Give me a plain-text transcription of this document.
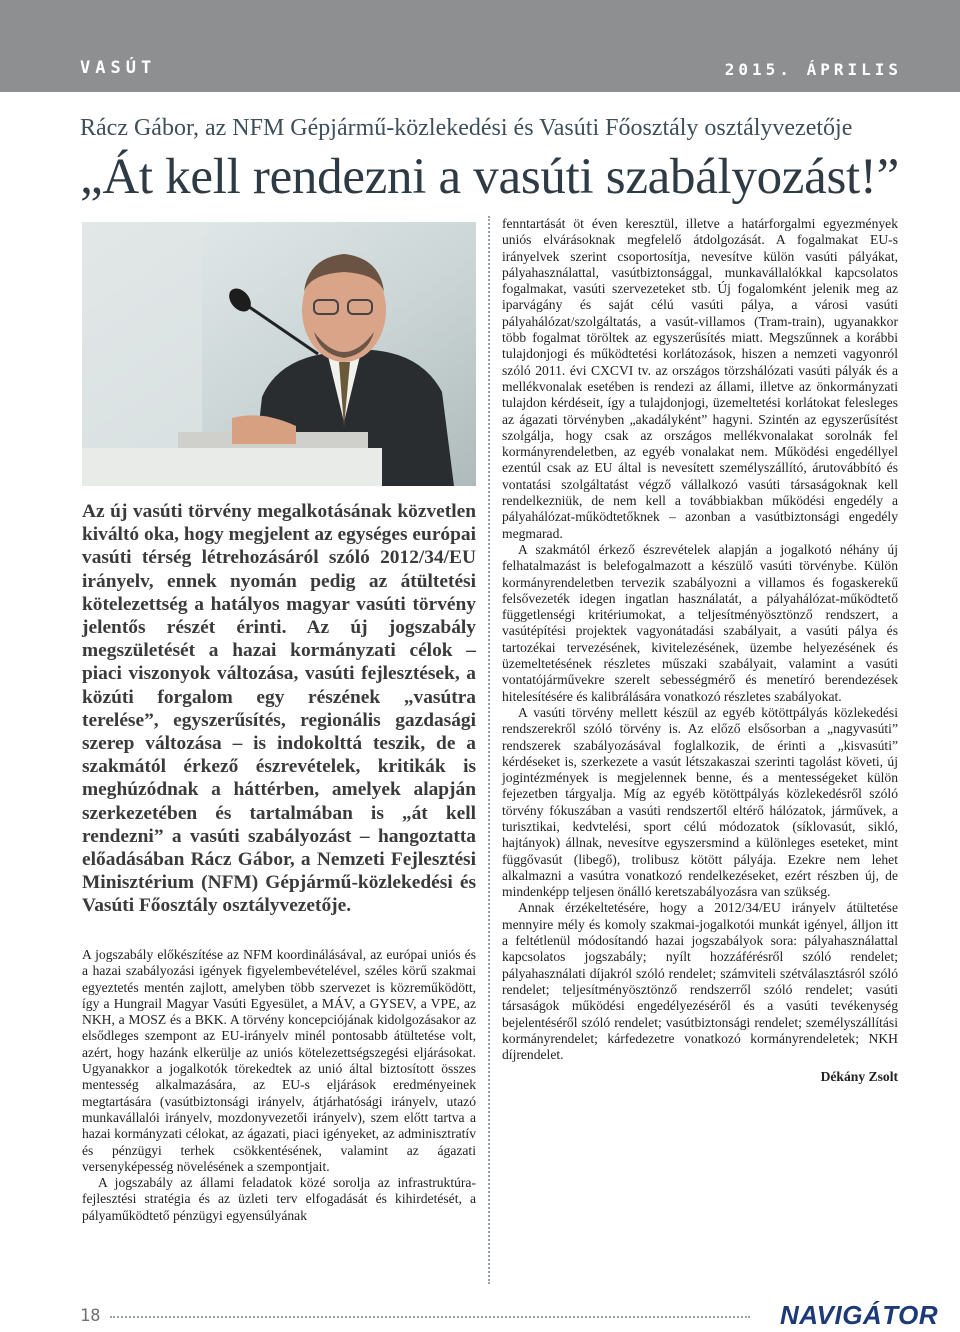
VASÚT	2015. ÁPRILIS
Rácz Gábor, az NFM Gépjármű-közlekedési és Vasúti Főosztály osztályvezetője
„Át kell rendezni a vasúti szabályozást!”
Az új vasúti törvény megalkotásának közvetlen kiváltó oka, hogy megjelent az egységes európai vasúti térség létrehozásáról szóló 2012/34/EU irányelv, ennek nyomán pedig az átültetési kötelezettség a hatályos magyar vasúti törvény jelentős részét érinti. Az új jogszabály megszületését a hazai kormányzati célok – piaci viszonyok változása, vasúti fejlesztések, a közúti forgalom egy részének „vasútra terelése”, egyszerűsítés, regionális gazdasági szerep változása – is indokolttá teszik, de a szakmától érkező észrevételek, kritikák is meghúzódnak a háttérben, amelyek alapján szerkezetében és tartalmában is „át kell rendezni” a vasúti szabályozást – hangoztatta előadásában Rácz Gábor, a Nemzeti Fejlesztési Minisztérium (NFM) Gépjármű-közlekedési és Vasúti Főosztály osztályvezetője.

A jogszabály előkészítése az NFM koordinálásával, az európai uniós és a hazai szabályozási igények figyelembevételével, széles körű szakmai egyeztetés mentén zajlott, amelyben több szervezet is közreműködött, így a Hungrail Magyar Vasúti Egyesület, a MÁV, a GYSEV, a VPE, az NKH, a MOSZ és a BKK. A törvény koncepciójának kidolgozásakor az elsődleges szempont az EU-irányelv minél pontosabb átültetése volt, azért, hogy hazánk elkerülje az uniós kötelezettségszegési eljárásokat. Ugyanakkor a jogalkotók törekedtek az unió által biztosított összes mentesség alkalmazására, az EU-s eljárások eredményeinek megtartására (vasútbiztonsági irányelv, átjárhatósági irányelv, utazó munkavállalói irányelv, mozdonyvezetői irányelv), szem előtt tartva a hazai kormányzati célokat, az ágazati, piaci igényeket, az adminisztratív és pénzügyi terhek csökkentésének, valamint az ágazati versenyképesség növelésének a szempontjait.

A jogszabály az állami feladatok közé sorolja az infrastruktúra-fejlesztési stratégia és az üzleti terv elfogadását és kihirdetését, a pályaműködtető pénzügyi egyensúlyának

fenntartását öt éven keresztül, illetve a határforgalmi egyezmények uniós elvárásoknak megfelelő átdolgozását. A fogalmakat EU-s irányelvek szerint csoportosítja, nevesítve külön vasúti pályákat, pályahasználattal, vasútbiztonsággal, munkavállalókkal kapcsolatos fogalmakat, vasúti szervezeteket stb. Új fogalomként jelenik meg az iparvágány és saját célú vasúti pálya, a városi vasúti pályahálózat/szolgáltatás, a vasút-villamos (Tram-train), ugyanakkor több fogalmat töröltek az egyszerűsítés miatt. Megszűnnek a korábbi tulajdonjogi és működtetési korlátozások, hiszen a nemzeti vagyonról szóló 2011. évi CXCVI tv. az országos törzshálózati vasúti pályák és a mellékvonalak esetében is rendezi az állami, illetve az önkormányzati tulajdon kérdéseit, így a tulajdonjogi, üzemeltetési korlátokat felesleges az ágazati törvényben „akadályként” hagyni. Szintén az egyszerűsítést szolgálja, hogy csak az országos mellékvonalakat sorolnák fel kormányrendeletben, az egyéb vonalakat nem. Működési engedéllyel ezentúl csak az EU által is nevesített személyszállító, árutovábbító és vontatási szolgáltatást végző vállalkozó vasúti társaságoknak kell rendelkezniük, de nem kell a továbbiakban működési engedély a pályahálózat-működtetőknek – azonban a vasútbiztonsági engedély megmarad.

A szakmától érkező észrevételek alapján a jogalkotó néhány új felhatalmazást is belefogalmazott a készülő vasúti törvénybe. Külön kormányrendeletben tervezik szabályozni a villamos és fogaskerekű felsővezeték idegen ingatlan használatát, a pályahálózat-működtető függetlenségi kritériumokat, a teljesítményösztönző rendszert, a vasútépítési projektek vagyonátadási szabályait, a vasúti pálya és tartozékai tervezésének, kivitelezésének, üzembe helyezésének és üzemeltetésének részletes műszaki szabályait, valamint a vasúti vontatójárművekre szerelt sebességmérő és menetíró berendezések hitelesítésére és kalibrálására vonatkozó részletes szabályokat.

A vasúti törvény mellett készül az egyéb kötöttpályás közlekedési rendszerekről szóló törvény is. Az előző elsősorban a „nagyvasúti” rendszerek szabályozásával foglalkozik, de érinti a „kisvasúti” kérdéseket is, szerkezete a vasút létszakaszai szerinti tagolást követi, új jogintézmények is megjelennek benne, és a mentességeket külön fejezetben tárgyalja. Míg az egyéb kötöttpályás közlekedésről szóló törvény fókuszában a vasúti rendszertől eltérő hálózatok, járművek, a turisztikai, kedvtelési, sport célú módozatok (síklovasút, sikló, hajtányok) állnak, nevesítve egyszersmind a különleges eseteket, mint függővasút (libegő), trolibusz kötött pályája. Ezekre nem lehet alkalmazni a vasútra vonatkozó rendelkezéseket, ezért részben új, de mindenképp teljesen önálló keretszabályozásra van szükség.

Annak érzékeltetésére, hogy a 2012/34/EU irányelv átültetése mennyire mély és komoly szakmai-jogalkotói munkát igényel, álljon itt a feltétlenül módosítandó hazai jogszabályok sora: pályahasználattal kapcsolatos jogszabály; nyílt hozzáférésről szóló rendelet; pályahasználati díjakról szóló rendelet; számviteli szétválasztásról szóló rendelet; teljesítményösztönző rendszerről szóló rendelet; vasúti társaságok működési engedélyezéséről és a vasúti tevékenység bejelentéséről szóló rendelet; vasútbiztonsági rendelet; személyszállítási kormányrendelet; kárfedezetre vonatkozó kormányrendeletek; NKH díjrendelet.

Dékány Zsolt
18	NAVIGÁTOR
